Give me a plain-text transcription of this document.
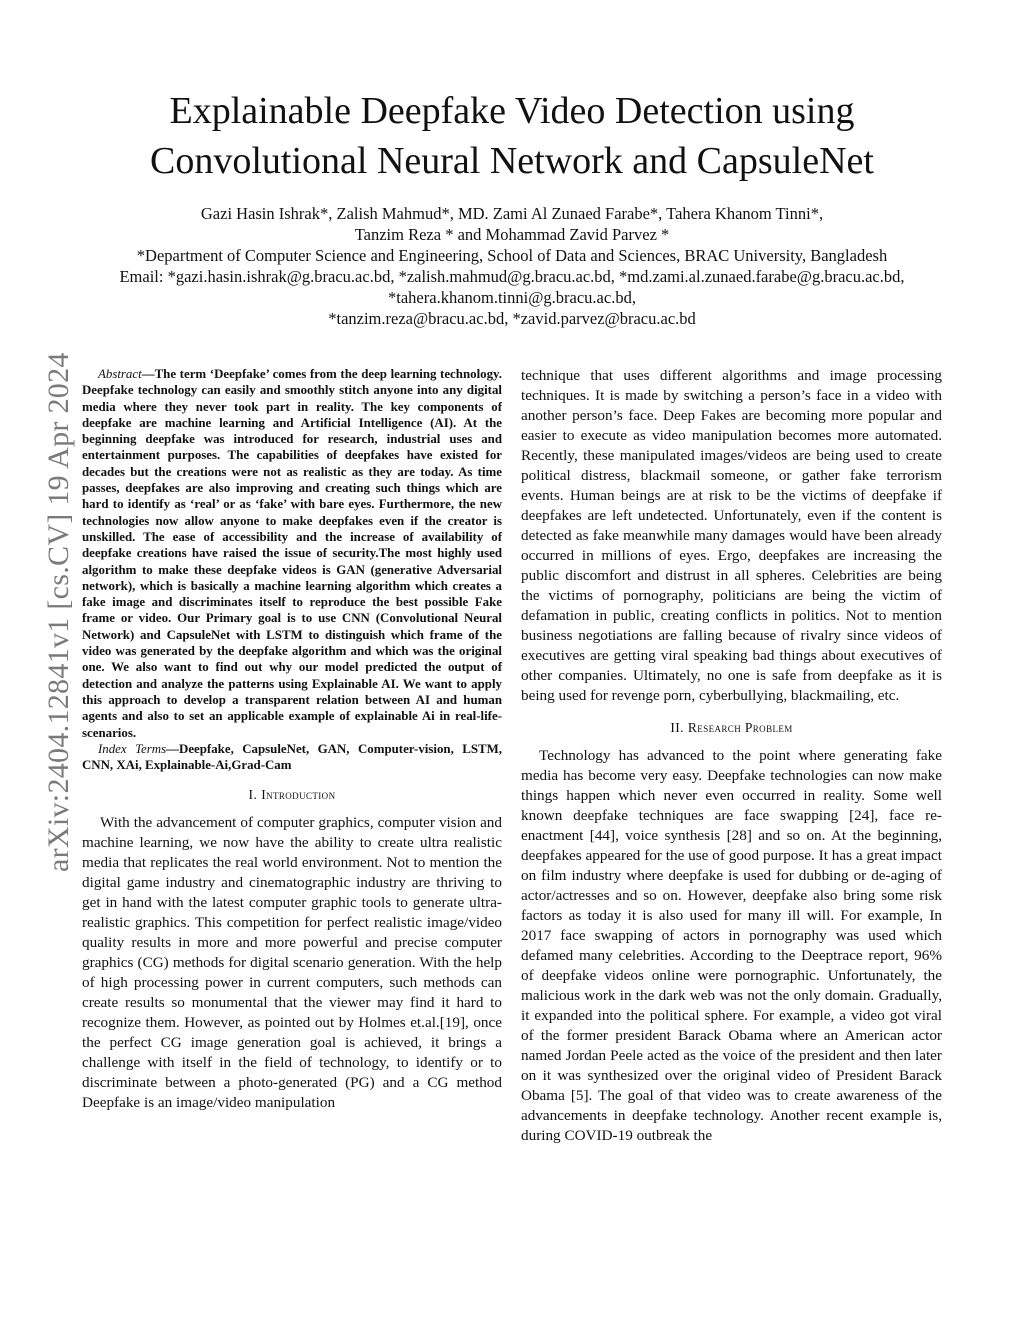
arXiv:2404.12841v1 [cs.CV] 19 Apr 2024
Explainable Deepfake Video Detection using
Convolutional Neural Network and CapsuleNet
Gazi Hasin Ishrak*, Zalish Mahmud*, MD. Zami Al Zunaed Farabe*, Tahera Khanom Tinni*,
Tanzim Reza * and Mohammad Zavid Parvez *
*Department of Computer Science and Engineering, School of Data and Sciences, BRAC University, Bangladesh
Email: *gazi.hasin.ishrak@g.bracu.ac.bd, *zalish.mahmud@g.bracu.ac.bd, *md.zami.al.zunaed.farabe@g.bracu.ac.bd,
*tahera.khanom.tinni@g.bracu.ac.bd,
*tanzim.reza@bracu.ac.bd, *zavid.parvez@bracu.ac.bd

Abstract—The term ‘Deepfake’ comes from the deep learning technology. Deepfake technology can easily and smoothly stitch anyone into any digital media where they never took part in reality. The key components of deepfake are machine learning and Artificial Intelligence (AI). At the beginning deepfake was introduced for research, industrial uses and entertainment purposes. The capabilities of deepfakes have existed for decades but the creations were not as realistic as they are today. As time passes, deepfakes are also improving and creating such things which are hard to identify as ‘real’ or as ‘fake’ with bare eyes. Furthermore, the new technologies now allow anyone to make deepfakes even if the creator is unskilled. The ease of accessibility and the increase of availability of deepfake creations have raised the issue of security.The most highly used algorithm to make these deepfake videos is GAN (generative Adversarial network), which is basically a machine learning algorithm which creates a fake image and discriminates itself to reproduce the best possible Fake frame or video. Our Primary goal is to use CNN (Convolutional Neural Network) and CapsuleNet with LSTM to distinguish which frame of the video was generated by the deepfake algorithm and which was the original one. We also want to find out why our model predicted the output of detection and analyze the patterns using Explainable AI. We want to apply this approach to develop a transparent relation between AI and human agents and also to set an applicable example of explainable Ai in real-life-scenarios.

Index Terms—Deepfake, CapsuleNet, GAN, Computer-vision, LSTM, CNN, XAi, Explainable-Ai,Grad-Cam

I. Introduction

With the advancement of computer graphics, computer vision and machine learning, we now have the ability to create ultra realistic media that replicates the real world environment. Not to mention the digital game industry and cinematographic industry are thriving to get in hand with the latest computer graphic tools to generate ultra-realistic graphics. This competition for perfect realistic image/video quality results in more and more powerful and precise computer graphics (CG) methods for digital scenario generation. With the help of high processing power in current computers, such methods can create results so monumental that the viewer may find it hard to recognize them. However, as pointed out by Holmes et.al.[19], once the perfect CG image generation goal is achieved, it brings a challenge with itself in the field of technology, to identify or to discriminate between a photo-generated (PG) and a CG method Deepfake is an image/video manipulation

technique that uses different algorithms and image processing techniques. It is made by switching a person’s face in a video with another person’s face. Deep Fakes are becoming more popular and easier to execute as video manipulation becomes more automated. Recently, these manipulated images/videos are being used to create political distress, blackmail someone, or gather fake terrorism events. Human beings are at risk to be the victims of deepfake if deepfakes are left undetected. Unfortunately, even if the content is detected as fake meanwhile many damages would have been already occurred in millions of eyes. Ergo, deepfakes are increasing the public discomfort and distrust in all spheres. Celebrities are being the victims of pornography, politicians are being the victim of defamation in public, creating conflicts in politics. Not to mention business negotiations are falling because of rivalry since videos of executives are getting viral speaking bad things about executives of other companies. Ultimately, no one is safe from deepfake as it is being used for revenge porn, cyberbullying, blackmailing, etc.

II. Research Problem

Technology has advanced to the point where generating fake media has become very easy. Deepfake technologies can now make things happen which never even occurred in reality. Some well known deepfake techniques are face swapping [24], face re-enactment [44], voice synthesis [28] and so on. At the beginning, deepfakes appeared for the use of good purpose. It has a great impact on film industry where deepfake is used for dubbing or de-aging of actor/actresses and so on. However, deepfake also bring some risk factors as today it is also used for many ill will. For example, In 2017 face swapping of actors in pornography was used which defamed many celebrities. According to the Deeptrace report, 96% of deepfake videos online were pornographic. Unfortunately, the malicious work in the dark web was not the only domain. Gradually, it expanded into the political sphere. For example, a video got viral of the former president Barack Obama where an American actor named Jordan Peele acted as the voice of the president and then later on it was synthesized over the original video of President Barack Obama [5]. The goal of that video was to create awareness of the advancements in deepfake technology. Another recent example is, during COVID-19 outbreak the
